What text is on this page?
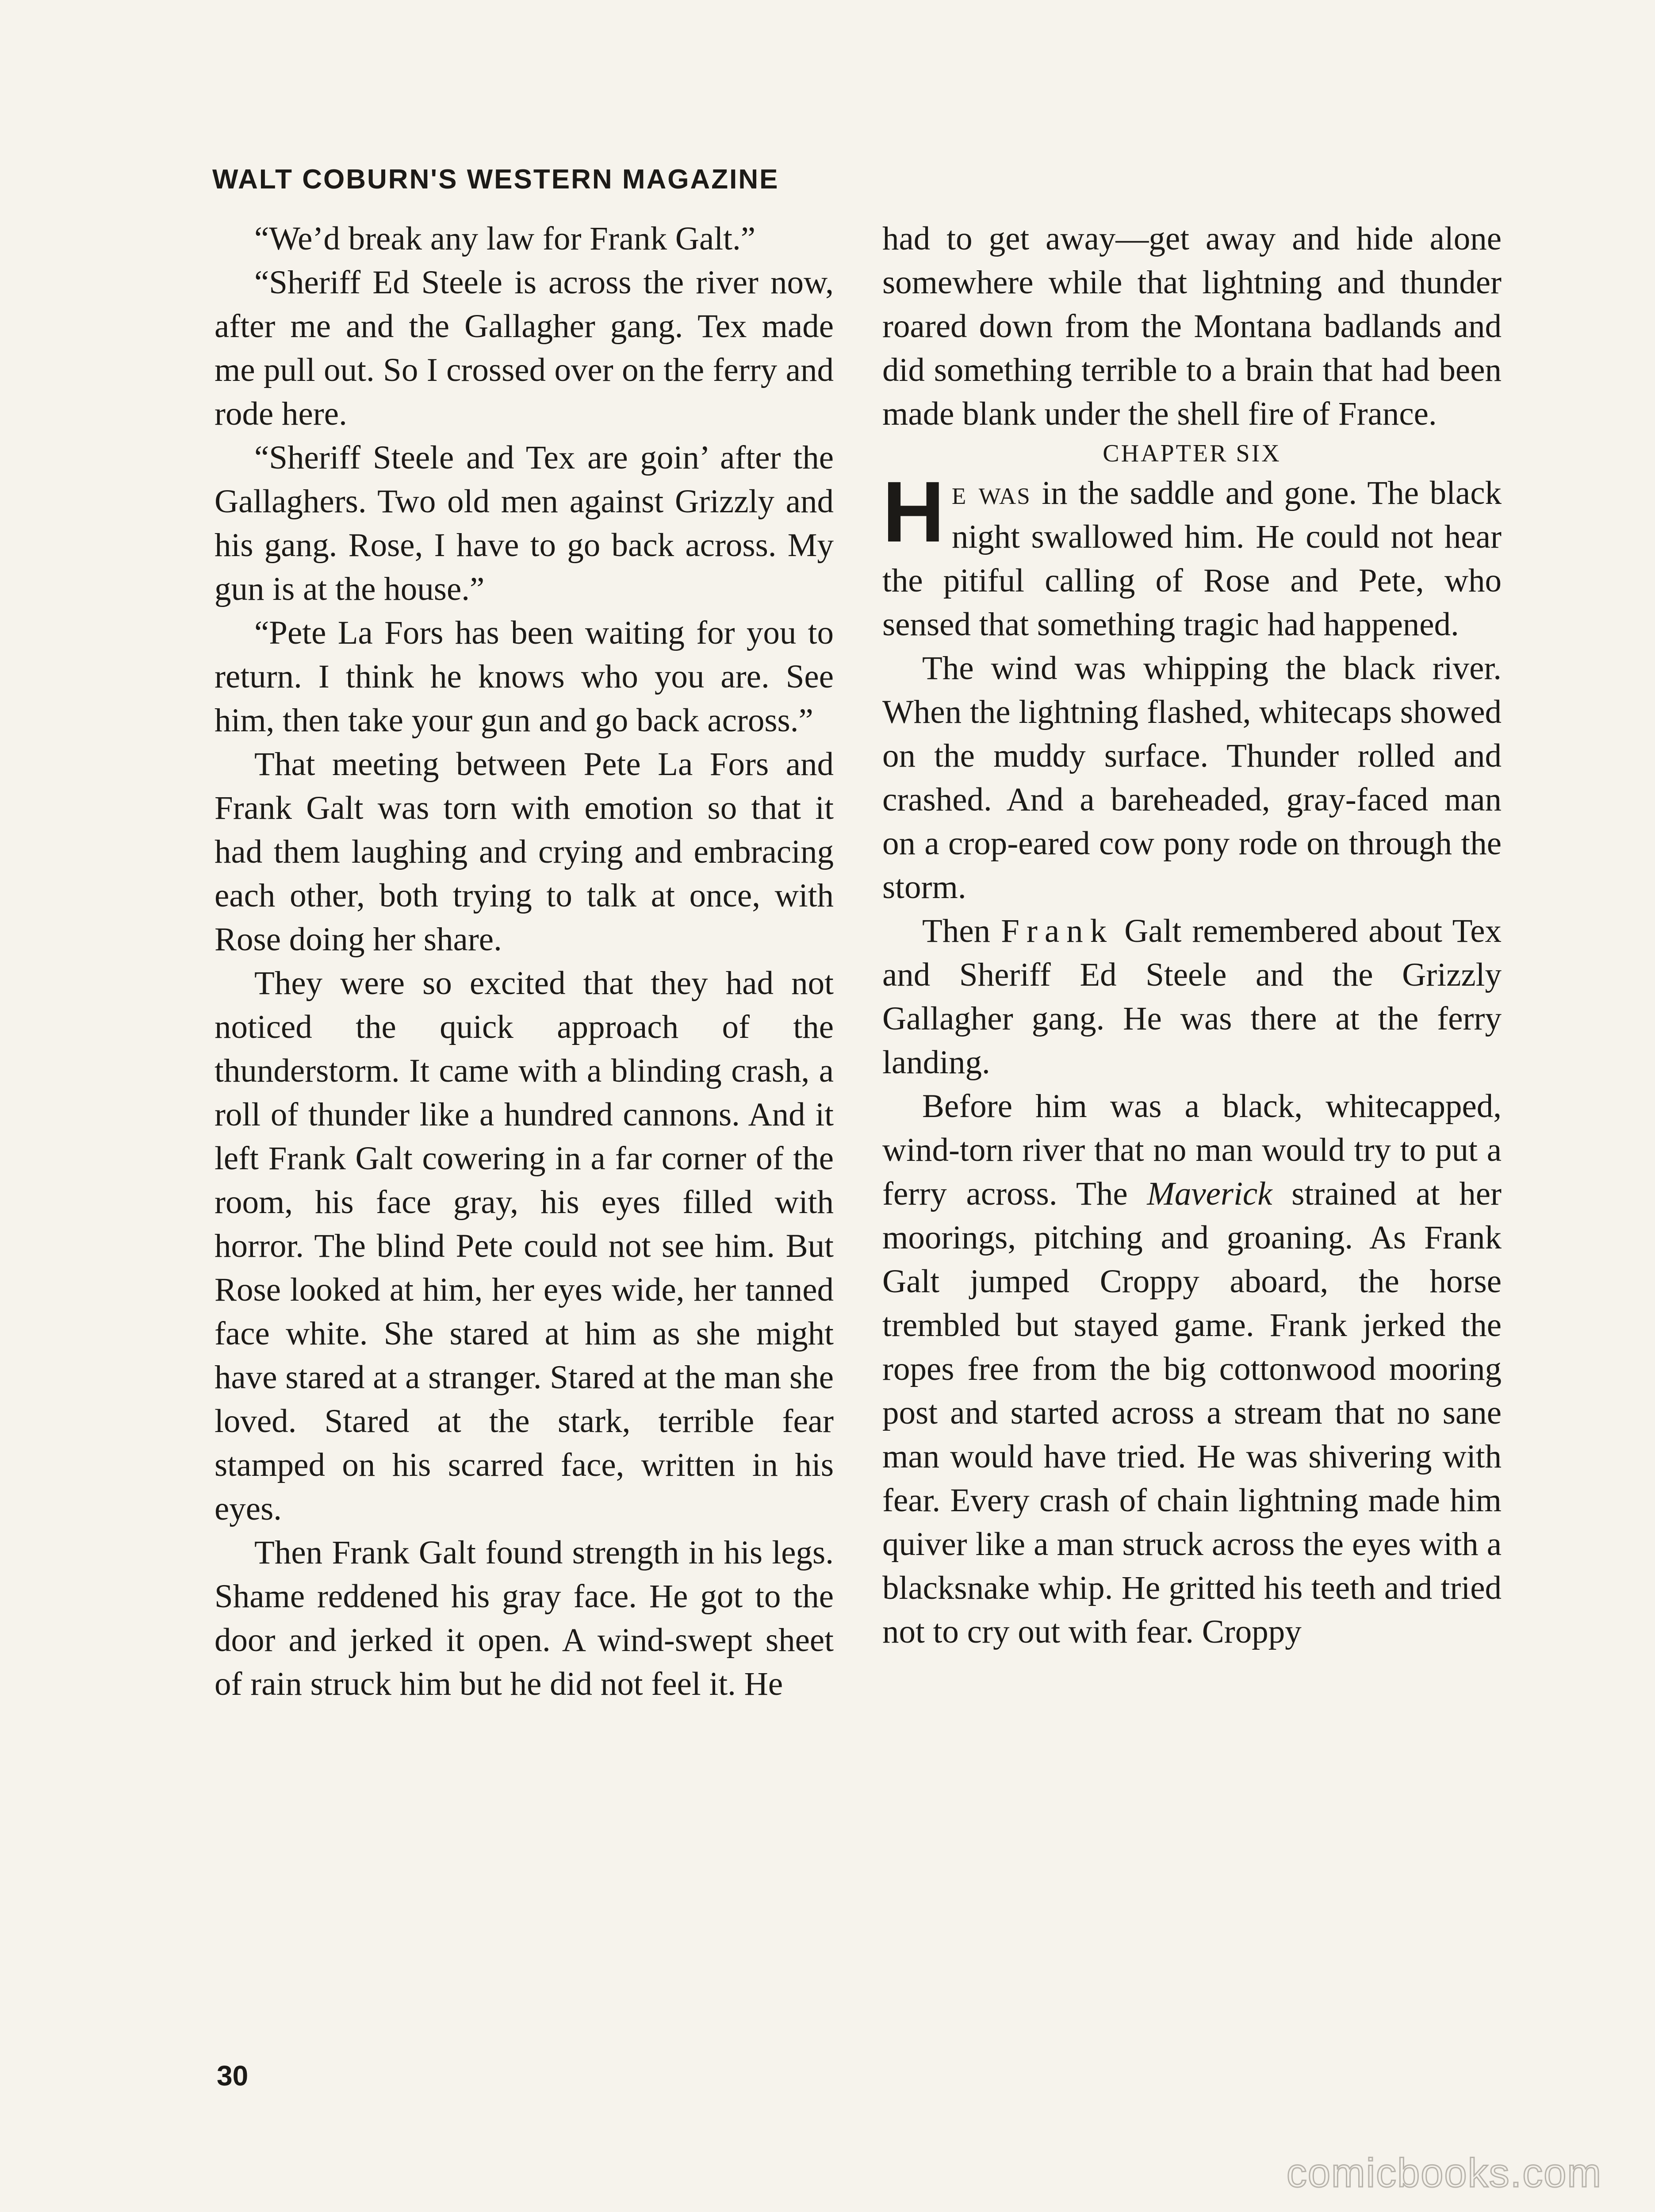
WALT COBURN'S WESTERN MAGAZINE

“We’d break any law for Frank Galt.”

“Sheriff Ed Steele is across the river now, after me and the Gallagher gang. Tex made me pull out. So I crossed over on the ferry and rode here.

“Sheriff Steele and Tex are goin’ after the Gallaghers. Two old men against Grizzly and his gang. Rose, I have to go back across. My gun is at the house.”

“Pete La Fors has been waiting for you to return. I think he knows who you are. See him, then take your gun and go back across.”

That meeting between Pete La Fors and Frank Galt was torn with emotion so that it had them laughing and crying and embracing each other, both trying to talk at once, with Rose doing her share.

They were so excited that they had not noticed the quick approach of the thunderstorm. It came with a blinding crash, a roll of thunder like a hundred cannons. And it left Frank Galt cowering in a far corner of the room, his face gray, his eyes filled with horror. The blind Pete could not see him. But Rose looked at him, her eyes wide, her tanned face white. She stared at him as she might have stared at a stranger. Stared at the man she loved. Stared at the stark, terrible fear stamped on his scarred face, written in his eyes.

Then Frank Galt found strength in his legs. Shame reddened his gray face. He got to the door and jerked it open. A wind-swept sheet of rain struck him but he did not feel it. He

had to get away—get away and hide alone somewhere while that lightning and thunder roared down from the Montana badlands and did something terrible to a brain that had been made blank under the shell fire of France.

CHAPTER SIX

He was in the saddle and gone. The black night swallowed him. He could not hear the pitiful calling of Rose and Pete, who sensed that something tragic had happened.

The wind was whipping the black river. When the lightning flashed, whitecaps showed on the muddy surface. Thunder rolled and crashed. And a bareheaded, gray-faced man on a crop-eared cow pony rode on through the storm.

Then Frank Galt remembered about Tex and Sheriff Ed Steele and the Grizzly Gallagher gang. He was there at the ferry landing.

Before him was a black, whitecapped, wind-torn river that no man would try to put a ferry across. The Maverick strained at her moorings, pitching and groaning. As Frank Galt jumped Croppy aboard, the horse trembled but stayed game. Frank jerked the ropes free from the big cottonwood mooring post and started across a stream that no sane man would have tried. He was shivering with fear. Every crash of chain lightning made him quiver like a man struck across the eyes with a blacksnake whip. He gritted his teeth and tried not to cry out with fear. Croppy

30

comicbooks.com
